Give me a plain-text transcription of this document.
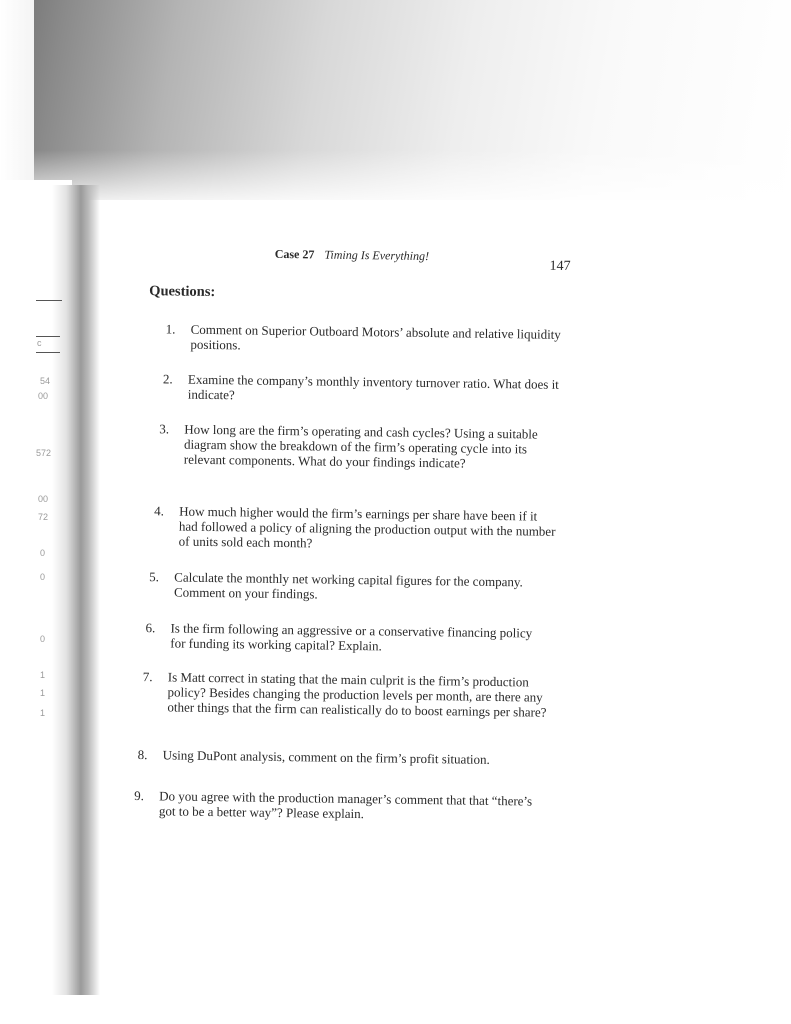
c
54
00
572
00
72
0
0
0
1
1
1
Case 27 Timing Is Everything!
147
Questions:
1. Comment on Superior Outboard Motors’ absolute and relative liquidity positions.
2. Examine the company’s monthly inventory turnover ratio. What does it indicate?
3. How long are the firm’s operating and cash cycles? Using a suitable diagram show the breakdown of the firm’s operating cycle into its relevant components. What do your findings indicate?
4. How much higher would the firm’s earnings per share have been if it had followed a policy of aligning the production output with the number of units sold each month?
5. Calculate the monthly net working capital figures for the company. Comment on your findings.
6. Is the firm following an aggressive or a conservative financing policy for funding its working capital? Explain.
7. Is Matt correct in stating that the main culprit is the firm’s production policy? Besides changing the production levels per month, are there any other things that the firm can realistically do to boost earnings per share?
8. Using DuPont analysis, comment on the firm’s profit situation.
9. Do you agree with the production manager’s comment that that “there’s got to be a better way”? Please explain.
